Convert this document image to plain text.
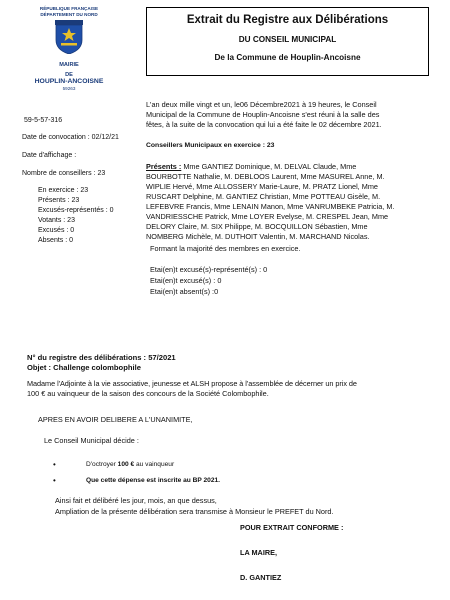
RÉPUBLIQUE FRANÇAISE
DÉPARTEMENT DU NORD
MAIRIE
DE
HOUPLIN-ANCOISNE
59263
Extrait du Registre aux Délibérations
DU CONSEIL MUNICIPAL
De la Commune de Houplin-Ancoisne
59-5-57-316
Date de convocation : 02/12/21
Date d'affichage :
Nombre de conseillers : 23
En exercice : 23
Présents : 23
Excusés-représentés : 0
Votants : 23
Excusés : 0
Absents : 0
L'an deux mille vingt et un, le06 Décembre2021 à 19 heures, le Conseil
Municipal de la Commune de Houplin-Ancoisne s'est réuni à la salle des
fêtes, à la suite de la convocation qui lui a été faite le 02 décembre 2021.
Conseillers Municipaux en exercice : 23
Présents : Mme GANTIEZ Dominique, M. DELVAL Claude, Mme
BOURBOTTE Nathalie, M. DEBLOOS Laurent, Mme MASUREL Anne, M.
WIPLIE Hervé, Mme ALLOSSERY Marie-Laure, M. PRATZ Lionel, Mme
RUSCART Delphine, M. GANTIEZ Christian, Mme POTTEAU Gisèle, M.
LEFEBVRE Francis, Mme LENAIN Manon, Mme VANRUMBEKE Patricia, M.
VANDRIESSCHE Patrick, Mme LOYER Evelyse, M. CRESPEL Jean, Mme
DELORY Claire, M. SIX Philippe, M. BOCQUILLON Sébastien, Mme
NOMBERG Michèle, M. DUTHOIT Valentin, M. MARCHAND Nicolas.
Formant la majorité des membres en exercice.
Etai(en)t excusé(s)-représenté(s) : 0
Etai(en)t excusé(s) : 0
Etai(en)t absent(s) :0
N° du registre des délibérations : 57/2021
Objet : Challenge colombophile
Madame l'Adjointe à la vie associative, jeunesse et ALSH propose à l'assemblée de décerner un prix de
100 € au vainqueur de la saison des concours de la Société Colombophile.
APRES EN AVOIR DELIBERE A L'UNANIMITE,
Le Conseil Municipal décide :
•	D'octroyer 100 € au vainqueur
•	Que cette dépense est inscrite au BP 2021.
Ainsi fait et délibéré les jour, mois, an que dessus,
Ampliation de la présente délibération sera transmise à Monsieur le PREFET du Nord.
POUR EXTRAIT CONFORME :
LA MAIRE,
D. GANTIEZ
